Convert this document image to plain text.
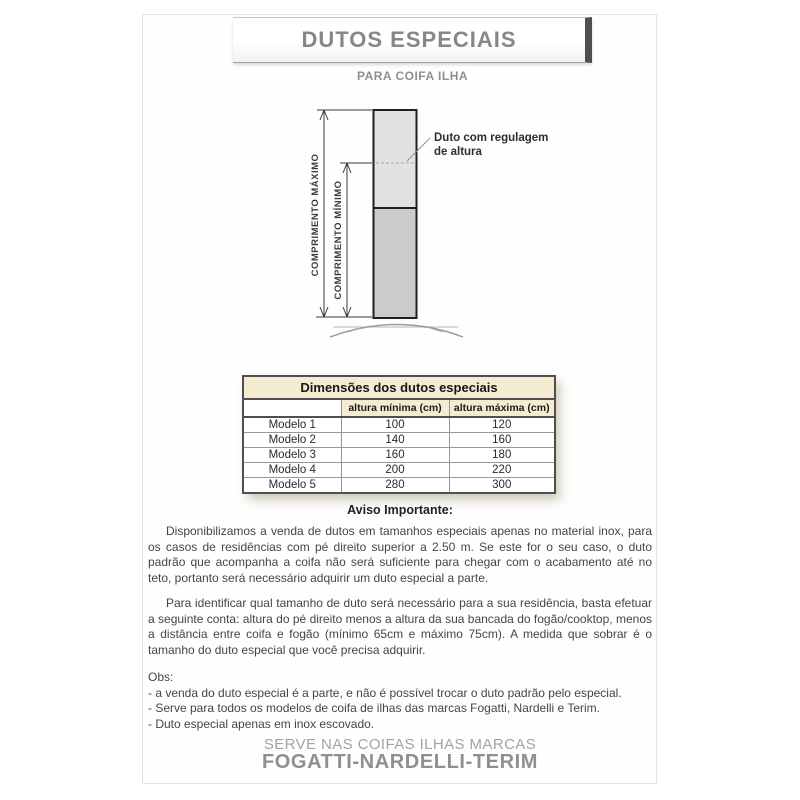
DUTOS ESPECIAIS
PARA COIFA ILHA
COMPRIMENTO MÁXIMO COMPRIMENTO MÍNIMO
Duto com regulagem
de altura
Dimensões dos dutos especiais		
	altura mínima (cm)	altura máxima (cm)
Modelo 1	100	120
Modelo 2	140	160
Modelo 3	160	180
Modelo 4	200	220
Modelo 5	280	300
Aviso Importante:
Disponibilizamos a venda de dutos em tamanhos especiais apenas no material inox, para os casos de residências com pé direito superior a 2.50 m. Se este for o seu caso, o duto padrão que acompanha a coifa não será suficiente para chegar com o acabamento até no teto, portanto será necessário adquirir um duto especial a parte.
Para identificar qual tamanho de duto será necessário para a sua residência, basta efetuar a seguinte conta: altura do pé direito menos a altura da sua bancada do fogão/cooktop, menos a distância entre coifa e fogão (mínimo 65cm e máximo 75cm). A medida que sobrar é o tamanho do duto especial que você precisa adquirir.
Obs:
- a venda do duto especial é a parte, e não é possível trocar o duto padrão pelo especial.
- Serve para todos os modelos de coifa de ilhas das marcas Fogatti, Nardelli e Terim.
- Duto especial apenas em inox escovado.
SERVE NAS COIFAS ILHAS MARCAS
FOGATTI-NARDELLI-TERIM
